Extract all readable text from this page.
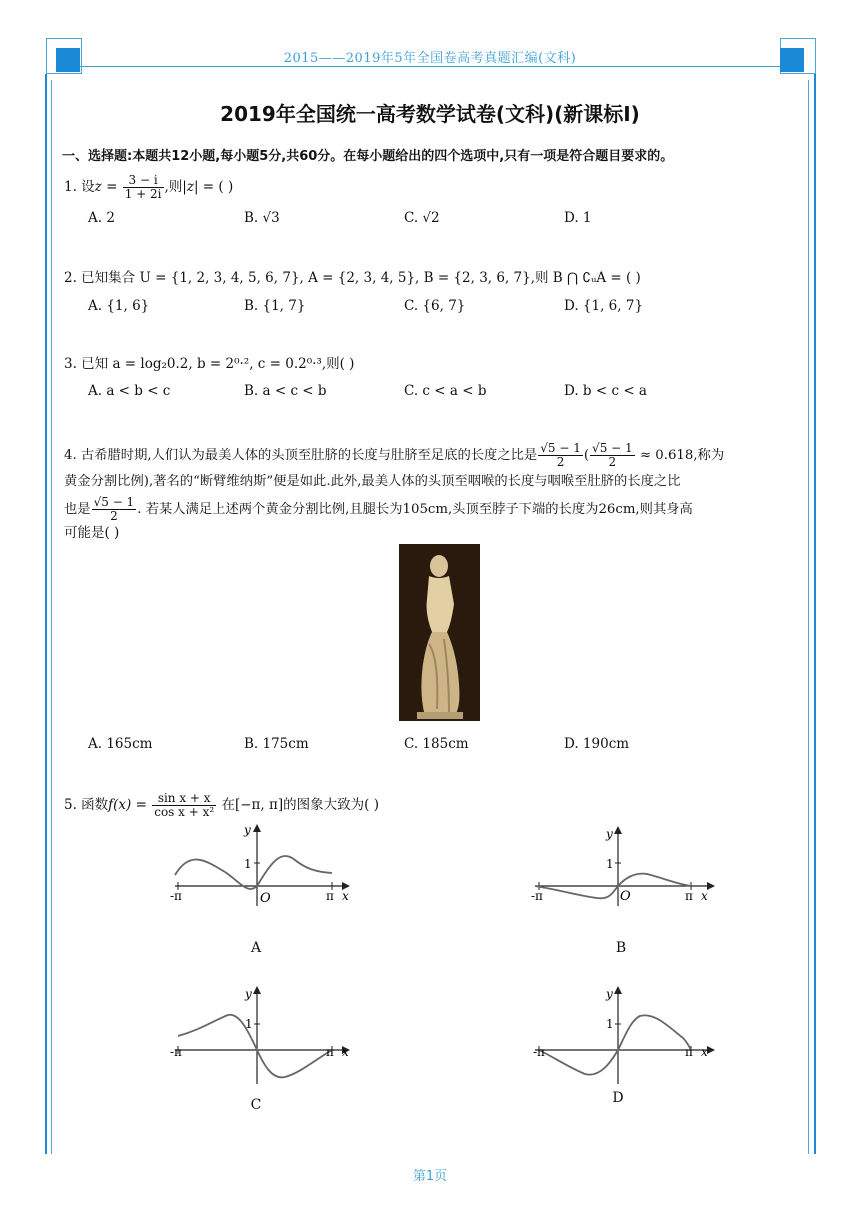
2015——2019年5年全国卷高考真题汇编(文科)
2019年全国统一高考数学试卷(文科)(新课标Ⅰ)
一、选择题:本题共12小题,每小题5分,共60分。在每小题给出的四个选项中,只有一项是符合题目要求的。
1. 设$z = \frac{3 - i}{1 + 2i}$ ,则|z| = ( )
A. 2	B. √3	C. √2	D. 1
2. 已知集合 U = {1, 2, 3, 4, 5, 6, 7}, A = {2, 3, 4, 5}, B = {2, 3, 6, 7},则 B ⋂ ∁ᵤA = ( )
A. {1, 6}	B. {1, 7}	C. {6, 7}	D. {1, 6, 7}
3. 已知 a = log₂0.2, b = 2⁰·², c = 0.2⁰·³,则( )
A. a < b < c	B. a < c < b	C. c < a < b	D. b < c < a
4. 古希腊时期,人们认为最美人体的头顶至肚脐的长度与肚脐至足底的长度之比是 $\frac{√5 - 1}{2}$ ( $\frac{√5 - 1}{2} \approx 0.618$,称为
黄金分割比例),著名的“断臂维纳斯”便是如此.此外,最美人体的头顶至咽喉的长度与咽喉至肚脐的长度之比
也是 $\frac{√5 - 1}{2}$ . 若某人满足上述两个黄金分割比例,且腿长为105cm,头顶至脖子下端的长度为26cm,则其身高
可能是( )
A. 165cm	B. 175cm	C. 185cm	D. 190cm
5. 函数$f(x) = \frac{\text{sin x + x}}{\text{cos x + x²}}$ 在[−π, π]的图象大致为( )
y
1
O
-π	π x
A
y
1
O
-π	π x
B
y
1
-π	π x
C
y
1
-π	π x
D
第1页
